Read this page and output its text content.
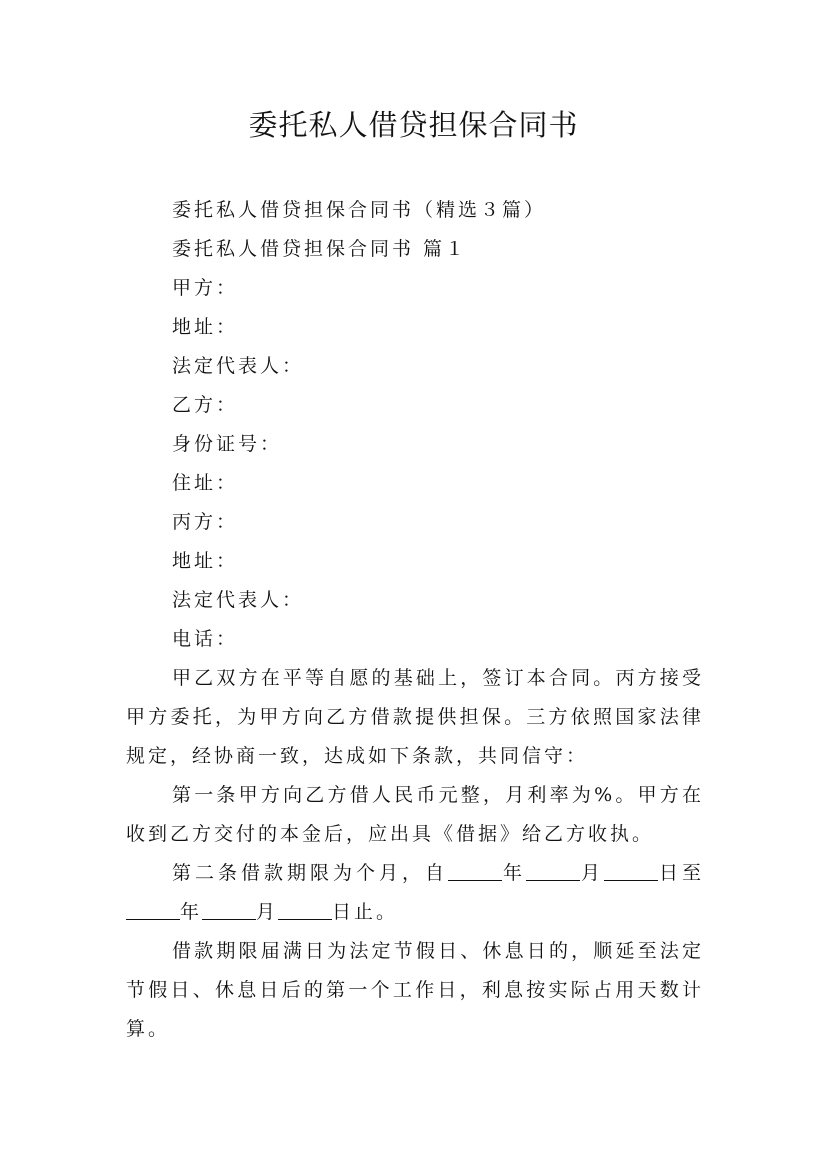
委托私人借贷担保合同书
委托私人借贷担保合同书（精选３篇）
委托私人借贷担保合同书 篇１
甲方：
地址：
法定代表人：
乙方：
身份证号：
住址：
丙方：
地址：
法定代表人：
电话：

甲乙双方在平等自愿的基础上，签订本合同。丙方接受甲方委托，为甲方向乙方借款提供担保。三方依照国家法律规定，经协商一致，达成如下条款，共同信守：

第一条甲方向乙方借人民币元整，月利率为%。甲方在收到乙方交付的本金后，应出具《借据》给乙方收执。

第二条借款期限为个月，自	年	月	日至年	月	日止。

借款期限届满日为法定节假日、休息日的，顺延至法定节假日、休息日后的第一个工作日，利息按实际占用天数计算。
